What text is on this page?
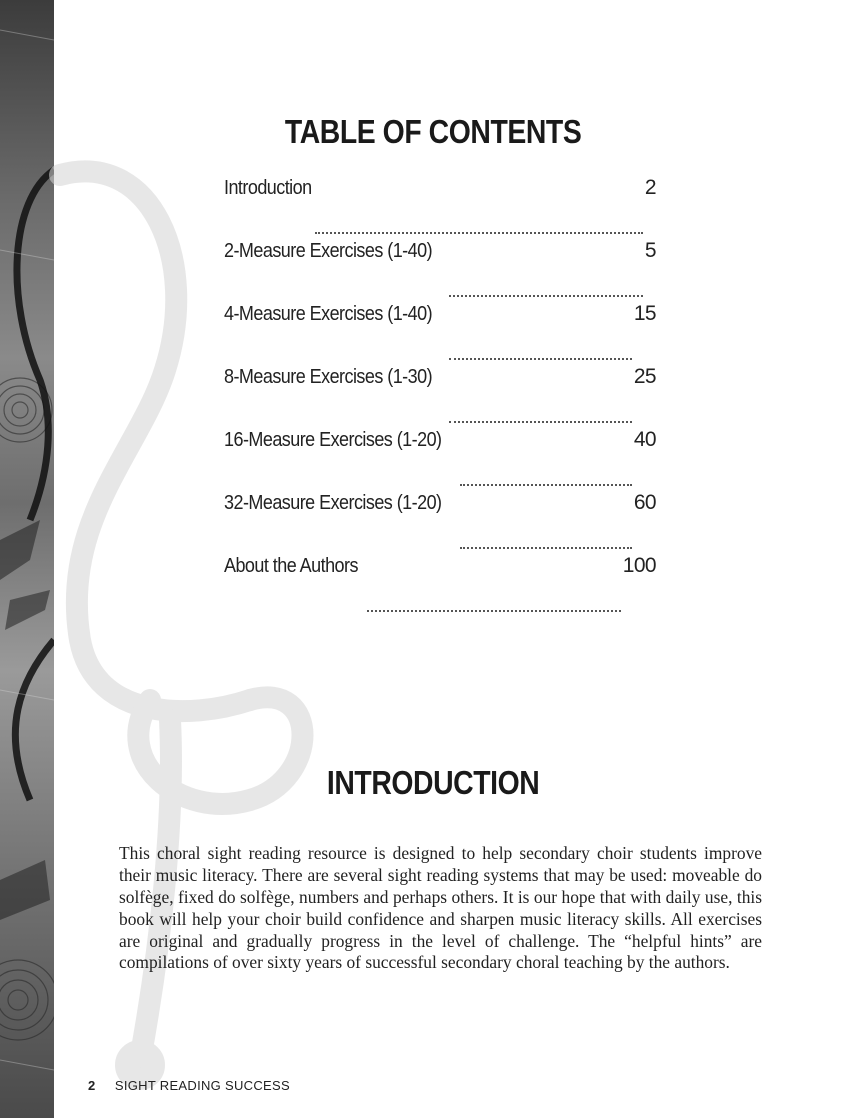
TABLE OF CONTENTS
Introduction	2
2-Measure Exercises (1-40)	5
4-Measure Exercises (1-40)	15
8-Measure Exercises (1-30)	25
16-Measure Exercises (1-20)	40
32-Measure Exercises (1-20)	60
About the Authors	100
INTRODUCTION

This choral sight reading resource is designed to help secondary choir students improve their music literacy. There are several sight reading systems that may be used: moveable do solfège, fixed do solfège, numbers and perhaps others. It is our hope that with daily use, this book will help your choir build confidence and sharpen music literacy skills. All exercises are original and gradually progress in the level of challenge. The “helpful hints” are compilations of over sixty years of successful secondary choral teaching by the authors.

2 SIGHT READING SUCCESS
